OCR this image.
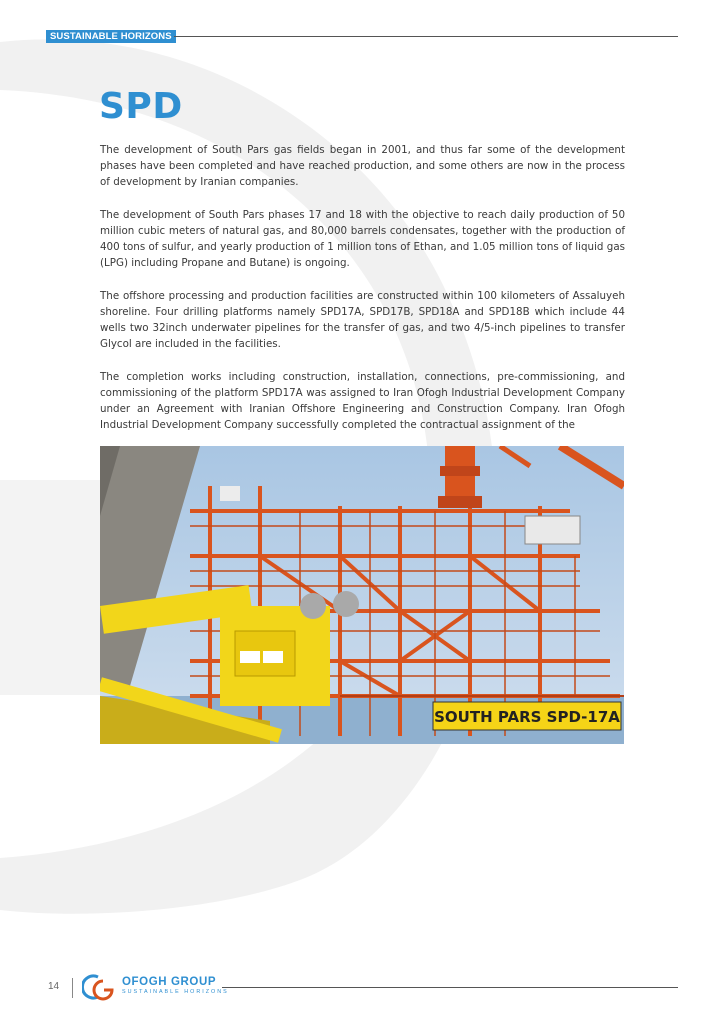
SUSTAINABLE HORIZONS
SPD

The development of South Pars gas fields began in 2001, and thus far some of the development phases have been completed and have reached production, and some others are now in the process of development by Iranian companies.

The development of South Pars phases 17 and 18 with the objective to reach daily production of 50 million cubic meters of natural gas, and 80,000 barrels condensates, together with the production of 400 tons of sulfur, and yearly production of 1 million tons of Ethan, and 1.05 million tons of liquid gas (LPG) including Propane and Butane) is ongoing.

The offshore processing and production facilities are constructed within 100 kilometers of Assaluyeh shoreline. Four drilling platforms namely SPD17A, SPD17B, SPD18A and SPD18B which include 44 wells two 32inch underwater pipelines for the transfer of gas, and two 4/5-inch pipelines to transfer Glycol are included in the facilities.

The completion works including construction, installation, connections, pre-commissioning, and commissioning of the platform SPD17A was assigned to Iran Ofogh Industrial Development Company under an Agreement with Iranian Offshore Engineering and Construction Company. Iran Ofogh Industrial Development Company successfully completed the contractual assignment of the

SOUTH PARS SPD-17A
14	OFOGH GROUP
SUSTAINABLE HORIZONS
